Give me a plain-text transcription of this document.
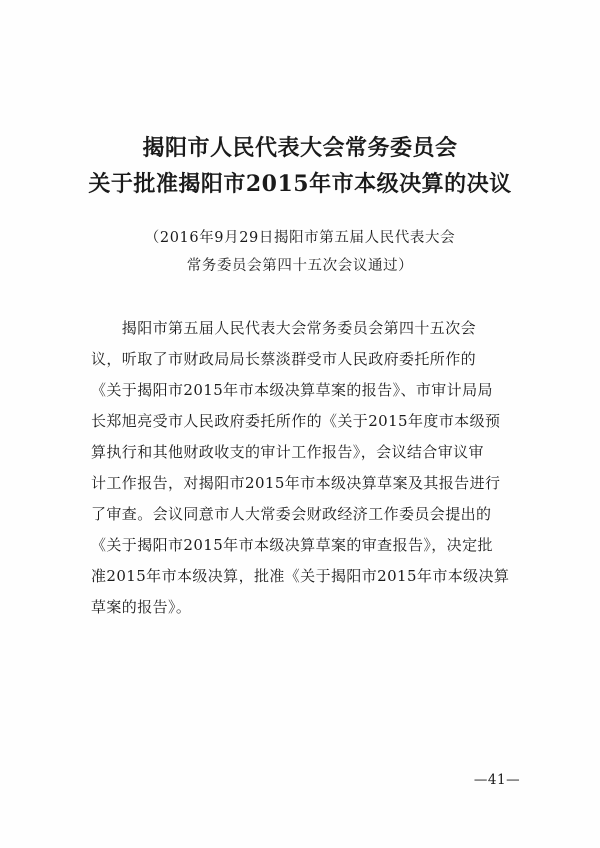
揭阳市人民代表大会常务委员会
关于批准揭阳市2015年市本级决算的决议
（2016年9月29日揭阳市第五届人民代表大会
常务委员会第四十五次会议通过）
　　揭阳市第五届人民代表大会常务委员会第四十五次会
议，听取了市财政局局长蔡淡群受市人民政府委托所作的
《关于揭阳市2015年市本级决算草案的报告》、市审计局局
长郑旭亮受市人民政府委托所作的《关于2015年度市本级预
算执行和其他财政收支的审计工作报告》，会议结合审议审
计工作报告，对揭阳市2015年市本级决算草案及其报告进行
了审查。会议同意市人大常委会财政经济工作委员会提出的
《关于揭阳市2015年市本级决算草案的审查报告》，决定批
准2015年市本级决算，批准《关于揭阳市2015年市本级决算
草案的报告》。
—41—
